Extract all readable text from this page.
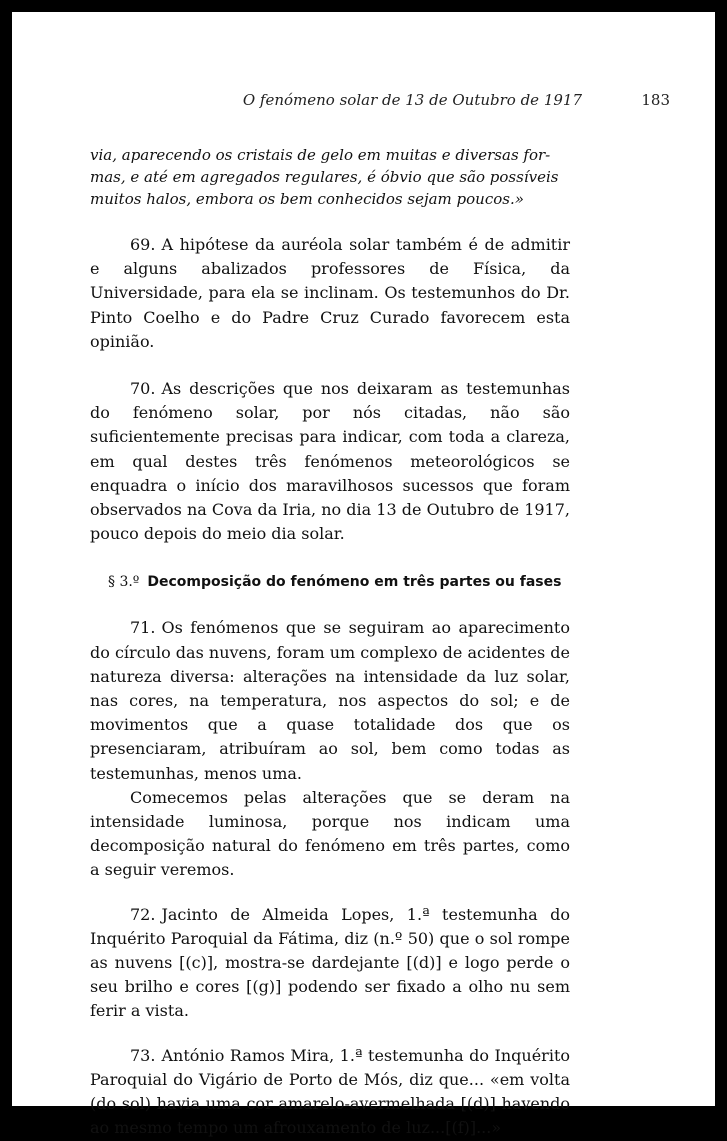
O fenómeno solar de 13 de Outubro de 1917	183
via, aparecendo os cristais de gelo em muitas e diversas for-
mas, e até em agregados regulares, é óbvio que são possíveis
muitos halos, embora os bem conhecidos sejam poucos.»

69. A hipótese da auréola solar também é de admitir e alguns abalizados professores de Física, da Universidade, para ela se inclinam. Os testemunhos do Dr. Pinto Coelho e do Padre Cruz Curado favorecem esta opinião.

70. As descrições que nos deixaram as testemunhas do fenómeno solar, por nós citadas, não são suficientemente precisas para indicar, com toda a clareza, em qual destes três fenómenos meteorológicos se enquadra o início dos maravilhosos sucessos que foram observados na Cova da Iria, no dia 13 de Outubro de 1917, pouco depois do meio dia solar.

§ 3.º Decomposição do fenómeno em três partes ou fases

71. Os fenómenos que se seguiram ao aparecimento do círculo das nuvens, foram um complexo de acidentes de natureza diversa: alterações na intensidade da luz solar, nas cores, na temperatura, nos aspectos do sol; e de movimentos que a quase totalidade dos que os presenciaram, atribuíram ao sol, bem como todas as testemunhas, menos uma.

Comecemos pelas alterações que se deram na intensidade luminosa, porque nos indicam uma decomposição natural do fenómeno em três partes, como a seguir veremos.

72. Jacinto de Almeida Lopes, 1.ª testemunha do Inquérito Paroquial da Fátima, diz (n.º 50) que o sol rompe as nuvens [(c)], mostra-se dardejante [(d)] e logo perde o seu brilho e cores [(g)] podendo ser fixado a olho nu sem ferir a vista.

73. António Ramos Mira, 1.ª testemunha do Inquérito Paroquial do Vigário de Porto de Mós, diz que... «em volta (do sol) havia uma cor amarelo-avermelhada [(d)] havendo ao mesmo tempo um afrouxamento de luz...[(f)]...»
